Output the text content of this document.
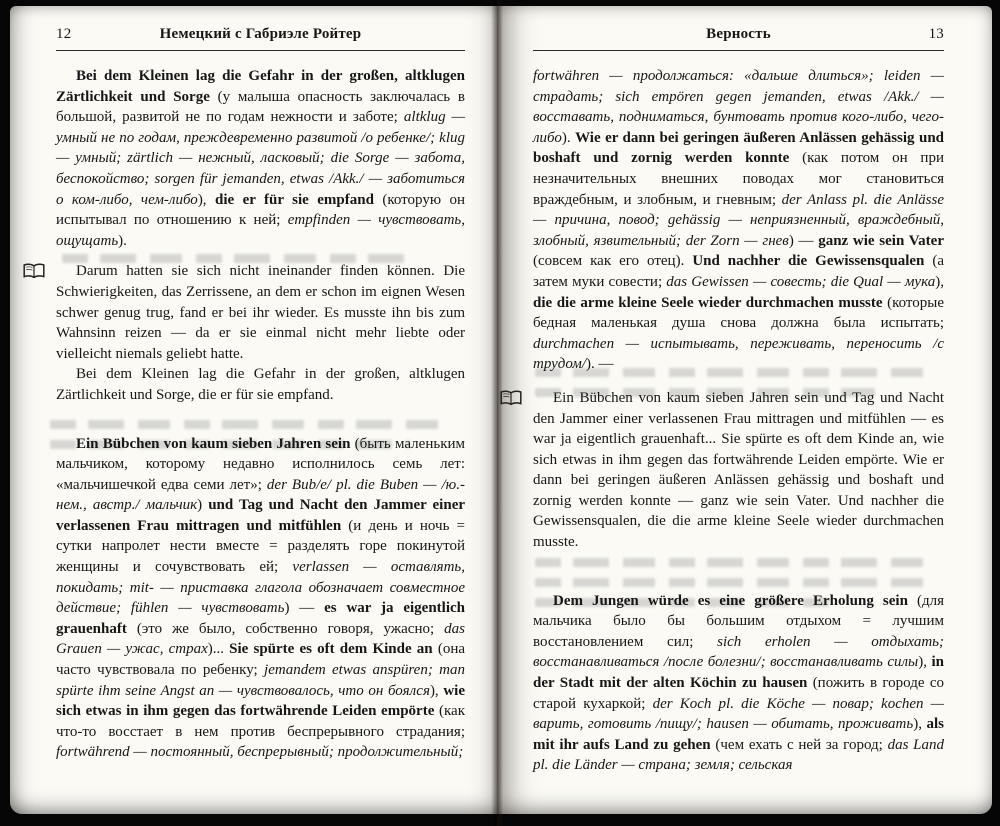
12	Немецкий с Габриэле Ройтер

Bei dem Kleinen lag die Gefahr in der großen, altklugen Zärtlichkeit und Sorge (у малыша опасность заключалась в большой, развитой не по годам нежности и заботе; altklug — умный не по годам, преждевременно развитой /о ребенке/; klug — умный; zärtlich — нежный, ласковый; die Sorge — забота, беспокойство; sorgen für jemanden, etwas /Akk./ — заботиться о ком-либо, чем-либо), die er für sie empfand (которую он испытывал по отношению к ней; empfinden — чувствовать, ощущать).

Darum hatten sie sich nicht ineinander finden können. Die Schwierigkeiten, das Zerrissene, an dem er schon im eignen Wesen schwer genug trug, fand er bei ihr wieder. Es musste ihn bis zum Wahnsinn reizen — da er sie einmal nicht mehr liebte oder vielleicht niemals geliebt hatte.

Bei dem Kleinen lag die Gefahr in der großen, altklugen Zärtlichkeit und Sorge, die er für sie empfand.

Ein Bübchen von kaum sieben Jahren sein (быть маленьким мальчиком, которому недавно исполнилось семь лет: «мальчишечкой едва семи лет»; der Bub/e/ pl. die Buben — /ю.-нем., австр./ мальчик) und Tag und Nacht den Jammer einer verlassenen Frau mittragen und mitfühlen (и день и ночь = сутки напролет нести вместе = разделять горе покинутой женщины и сочувствовать ей; verlassen — оставлять, покидать; mit- — приставка глагола обозначает совместное действие; fühlen — чувствовать) — es war ja eigentlich grauenhaft (это же было, собственно говоря, ужасно; das Grauen — ужас, страх)... Sie spürte es oft dem Kinde an (она часто чувствовала по ребенку; jemandem etwas anspüren; man spürte ihm seine Angst an — чувствовалось, что он боялся), wie sich etwas in ihm gegen das fortwährende Leiden empörte (как что-то восстает в нем против беспрерывного страдания; fortwährend — постоянный, беспрерывный; продолжительный;

Верность	13

fortwähren — продолжаться: «дальше длиться»; leiden — страдать; sich empören gegen jemanden, etwas /Akk./ — восставать, подниматься, бунтовать против кого-либо, чего-либо). Wie er dann bei geringen äußeren Anlässen gehässig und boshaft und zornig werden konnte (как потом он при незначительных внешних поводах мог становиться враждебным, и злобным, и гневным; der Anlass pl. die Anlässe — причина, повод; gehässig — неприязненный, враждебный, злобный, язвительный; der Zorn — гнев) — ganz wie sein Vater (совсем как его отец). Und nachher die Gewissensqualen (а затем муки совести; das Gewissen — совесть; die Qual — мука), die die arme kleine Seele wieder durchmachen musste (которые бедная маленькая душа снова должна была испытать; durchmachen — испытывать, переживать, переносить /с трудом/). —

Ein Bübchen von kaum sieben Jahren sein und Tag und Nacht den Jammer einer verlassenen Frau mittragen und mitfühlen — es war ja eigentlich grauenhaft... Sie spürte es oft dem Kinde an, wie sich etwas in ihm gegen das fortwährende Leiden empörte. Wie er dann bei geringen äußeren Anlässen gehässig und boshaft und zornig werden konnte — ganz wie sein Vater. Und nachher die Gewissensqualen, die die arme kleine Seele wieder durchmachen musste.

Dem Jungen würde es eine größere Erholung sein (для мальчика было бы большим отдыхом = лучшим восстановлением сил; sich erholen — отдыхать; восстанавливаться /после болезни/; восстанавливать силы), in der Stadt mit der alten Köchin zu hausen (пожить в городе со старой кухаркой; der Koch pl. die Köche — повар; kochen — варить, готовить /пищу/; hausen — обитать, проживать), als mit ihr aufs Land zu gehen (чем ехать с ней за город; das Land pl. die Länder — страна; земля; сельская
